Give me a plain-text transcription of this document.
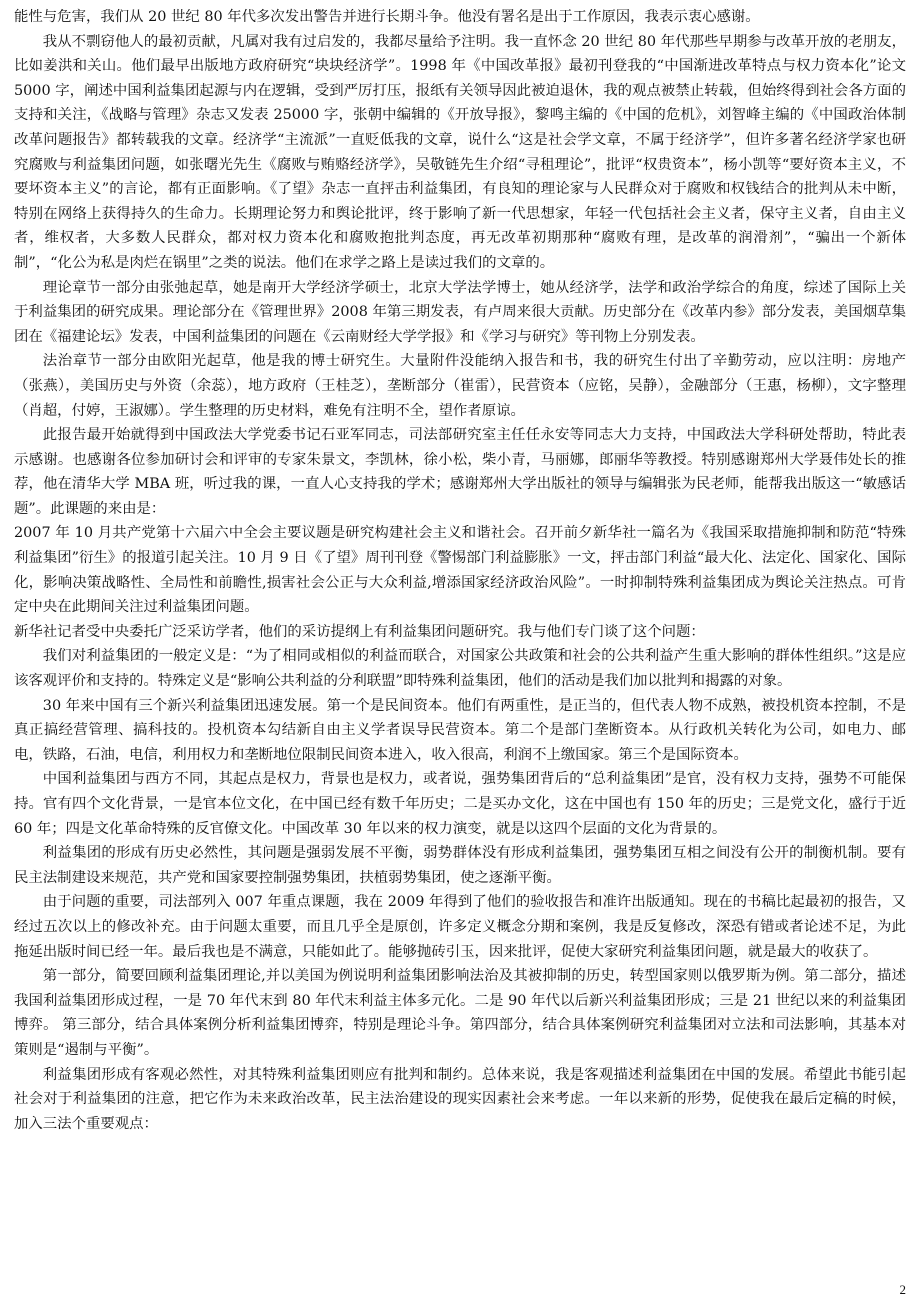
能性与危害，我们从 20 世纪 80 年代多次发出警告并进行长期斗争。他没有署名是出于工作原因，我表示衷心感谢。

我从不剽窃他人的最初贡献，凡属对我有过启发的，我都尽量给予注明。我一直怀念 20 世纪 80 年代那些早期参与改革开放的老朋友，比如姜洪和关山。他们最早出版地方政府研究“块块经济学”。1998 年《中国改革报》最初刊登我的“中国渐进改革特点与权力资本化”论文 5000 字，阐述中国利益集团起源与内在逻辑，受到严厉打压，报纸有关领导因此被迫退休，我的观点被禁止转载，但始终得到社会各方面的支持和关注，《战略与管理》杂志又发表 25000 字，张朝中编辑的《开放导报》，黎鸣主编的《中国的危机》，刘智峰主编的《中国政治体制改革问题报告》都转载我的文章。经济学“主流派”一直贬低我的文章，说什么“这是社会学文章，不属于经济学”，但许多著名经济学家也研究腐败与利益集团问题，如张曙光先生《腐败与贿赂经济学》，吴敬链先生介绍“寻租理论”，批评“权贵资本”，杨小凯等“要好资本主义，不要坏资本主义”的言论，都有正面影响。《了望》杂志一直抨击利益集团，有良知的理论家与人民群众对于腐败和权钱结合的批判从未中断，特别在网络上获得持久的生命力。长期理论努力和舆论批评，终于影响了新一代思想家，年轻一代包括社会主义者，保守主义者，自由主义者，维权者，大多数人民群众，都对权力资本化和腐败抱批判态度，再无改革初期那种“腐败有理，是改革的润滑剂”，“骗出一个新体制”，“化公为私是肉烂在锅里”之类的说法。他们在求学之路上是读过我们的文章的。

理论章节一部分由张弛起草，她是南开大学经济学硕士，北京大学法学博士，她从经济学，法学和政治学综合的角度，综述了国际上关于利益集团的研究成果。理论部分在《管理世界》2008 年第三期发表，有卢周来很大贡献。历史部分在《改革内参》部分发表，美国烟草集团在《福建论坛》发表，中国利益集团的问题在《云南财经大学学报》和《学习与研究》等刊物上分别发表。

法治章节一部分由欧阳光起草，他是我的博士研究生。大量附件没能纳入报告和书，我的研究生付出了辛勤劳动，应以注明：房地产（张燕），美国历史与外资（余蕊），地方政府（王桂芝），垄断部分（崔雷），民营资本（应铭，吴静），金融部分（王惠，杨柳），文字整理（肖超，付婷，王淑娜）。学生整理的历史材料，难免有注明不全，望作者原谅。

此报告最开始就得到中国政法大学党委书记石亚军同志，司法部研究室主任任永安等同志大力支持，中国政法大学科研处帮助，特此表示感谢。也感谢各位参加研讨会和评审的专家朱景文，李凯林，徐小松，柴小青，马丽娜，郎丽华等教授。特别感谢郑州大学聂伟处长的推荐，他在清华大学 MBA 班，听过我的课，一直人心支持我的学术；感谢郑州大学出版社的领导与编辑张为民老师，能帮我出版这一“敏感话题”。此课题的来由是：

2007 年 10 月共产党第十六届六中全会主要议题是研究构建社会主义和谐社会。召开前夕新华社一篇名为《我国采取措施抑制和防范“特殊利益集团”衍生》的报道引起关注。10 月 9 日《了望》周刊刊登《警惕部门利益膨胀》一文，抨击部门利益“最大化、法定化、国家化、国际化，影响决策战略性、全局性和前瞻性,损害社会公正与大众利益,增添国家经济政治风险”。一时抑制特殊利益集团成为舆论关注热点。可肯定中央在此期间关注过利益集团问题。

新华社记者受中央委托广泛采访学者，他们的采访提纲上有利益集团问题研究。我与他们专门谈了这个问题：

我们对利益集团的一般定义是：“为了相同或相似的利益而联合，对国家公共政策和社会的公共利益产生重大影响的群体性组织。”这是应该客观评价和支持的。特殊定义是“影响公共利益的分利联盟”即特殊利益集团，他们的活动是我们加以批判和揭露的对象。

30 年来中国有三个新兴利益集团迅速发展。第一个是民间资本。他们有两重性，是正当的，但代表人物不成熟，被投机资本控制，不是真正搞经营管理、搞科技的。投机资本勾结新自由主义学者误导民营资本。第二个是部门垄断资本。从行政机关转化为公司，如电力、邮电，铁路，石油，电信，利用权力和垄断地位限制民间资本进入，收入很高，利润不上缴国家。第三个是国际资本。

中国利益集团与西方不同，其起点是权力，背景也是权力，或者说，强势集团背后的“总利益集团”是官，没有权力支持，强势不可能保持。官有四个文化背景，一是官本位文化，在中国已经有数千年历史；二是买办文化，这在中国也有 150 年的历史；三是党文化，盛行于近 60 年；四是文化革命特殊的反官僚文化。中国改革 30 年以来的权力演变，就是以这四个层面的文化为背景的。

利益集团的形成有历史必然性，其问题是强弱发展不平衡，弱势群体没有形成利益集团，强势集团互相之间没有公开的制衡机制。要有民主法制建设来规范，共产党和国家要控制强势集团，扶植弱势集团，使之逐渐平衡。

由于问题的重要，司法部列入 007 年重点课题，我在 2009 年得到了他们的验收报告和准许出版通知。现在的书稿比起最初的报告，又经过五次以上的修改补充。由于问题太重要，而且几乎全是原创，许多定义概念分期和案例，我是反复修改，深恐有错或者论述不足，为此拖延出版时间已经一年。最后我也是不满意，只能如此了。能够抛砖引玉，因来批评，促使大家研究利益集团问题，就是最大的收获了。

第一部分，简要回顾利益集团理论,并以美国为例说明利益集团影响法治及其被抑制的历史，转型国家则以俄罗斯为例。第二部分，描述我国利益集团形成过程，一是 70 年代末到 80 年代末利益主体多元化。二是 90 年代以后新兴利益集团形成；三是 21 世纪以来的利益集团博弈。 第三部分，结合具体案例分析利益集团博弈，特别是理论斗争。第四部分，结合具体案例研究利益集团对立法和司法影响，其基本对策则是“遏制与平衡”。

利益集团形成有客观必然性，对其特殊利益集团则应有批判和制约。总体来说，我是客观描述利益集团在中国的发展。希望此书能引起社会对于利益集团的注意，把它作为未来政治改革，民主法治建设的现实因素社会来考虑。一年以来新的形势，促使我在最后定稿的时候，加入三法个重要观点：

2
